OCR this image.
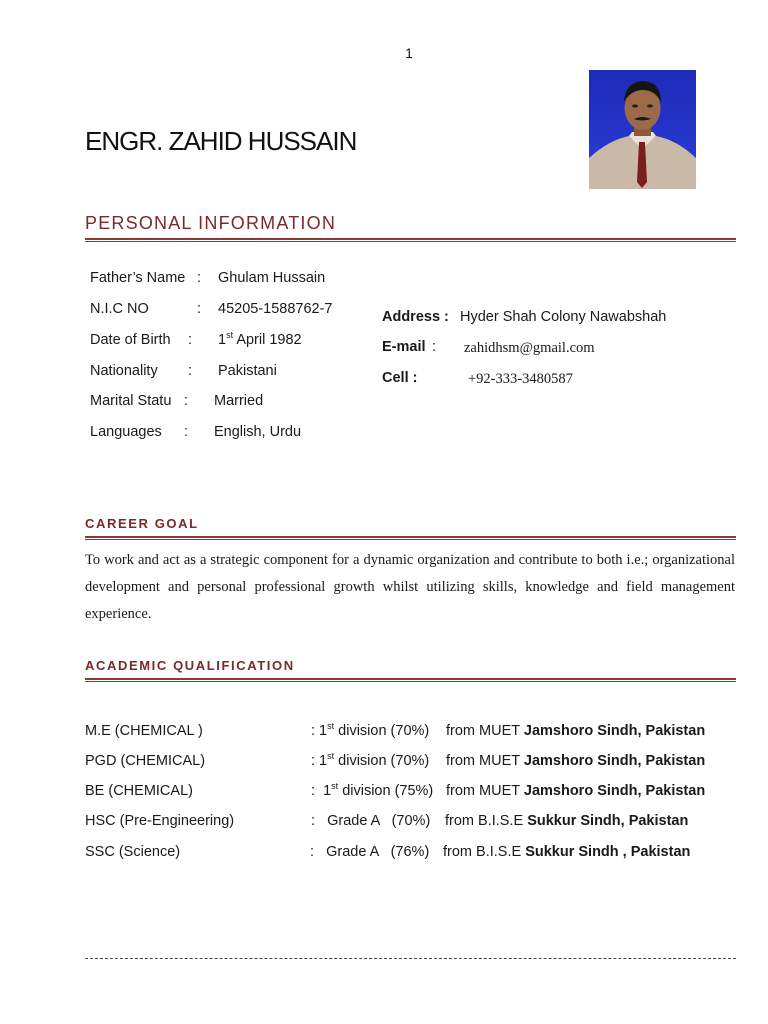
1
ENGR. ZAHID HUSSAIN
PERSONAL INFORMATION
Father’s Name : Ghulam Hussain
N.I.C NO	: 45205-1588762-7
Date of Birth : 1st April 1982
Nationality : Pakistani
Marital Statu : Married
Languages : English, Urdu
Address : Hyder Shah Colony Nawabshah
E-mail : zahidhsm@gmail.com
Cell :	+92-333-3480587
CAREER GOAL
To work and act as a strategic component for a dynamic organization and contribute to both i.e.; organizational development and personal professional growth whilst utilizing skills, knowledge and field management experience.
ACADEMIC QUALIFICATION
M.E (CHEMICAL )	: 1st division (70%) from MUET Jamshoro Sindh, Pakistan
PGD (CHEMICAL)	: 1st division (70%) from MUET Jamshoro Sindh, Pakistan
BE (CHEMICAL)	:  1st division (75%) from MUET Jamshoro Sindh, Pakistan
HSC (Pre-Engineering)	:   Grade A   (70%) from B.I.S.E Sukkur Sindh, Pakistan
SSC (Science)	:   Grade A   (76%) from B.I.S.E Sukkur Sindh , Pakistan
